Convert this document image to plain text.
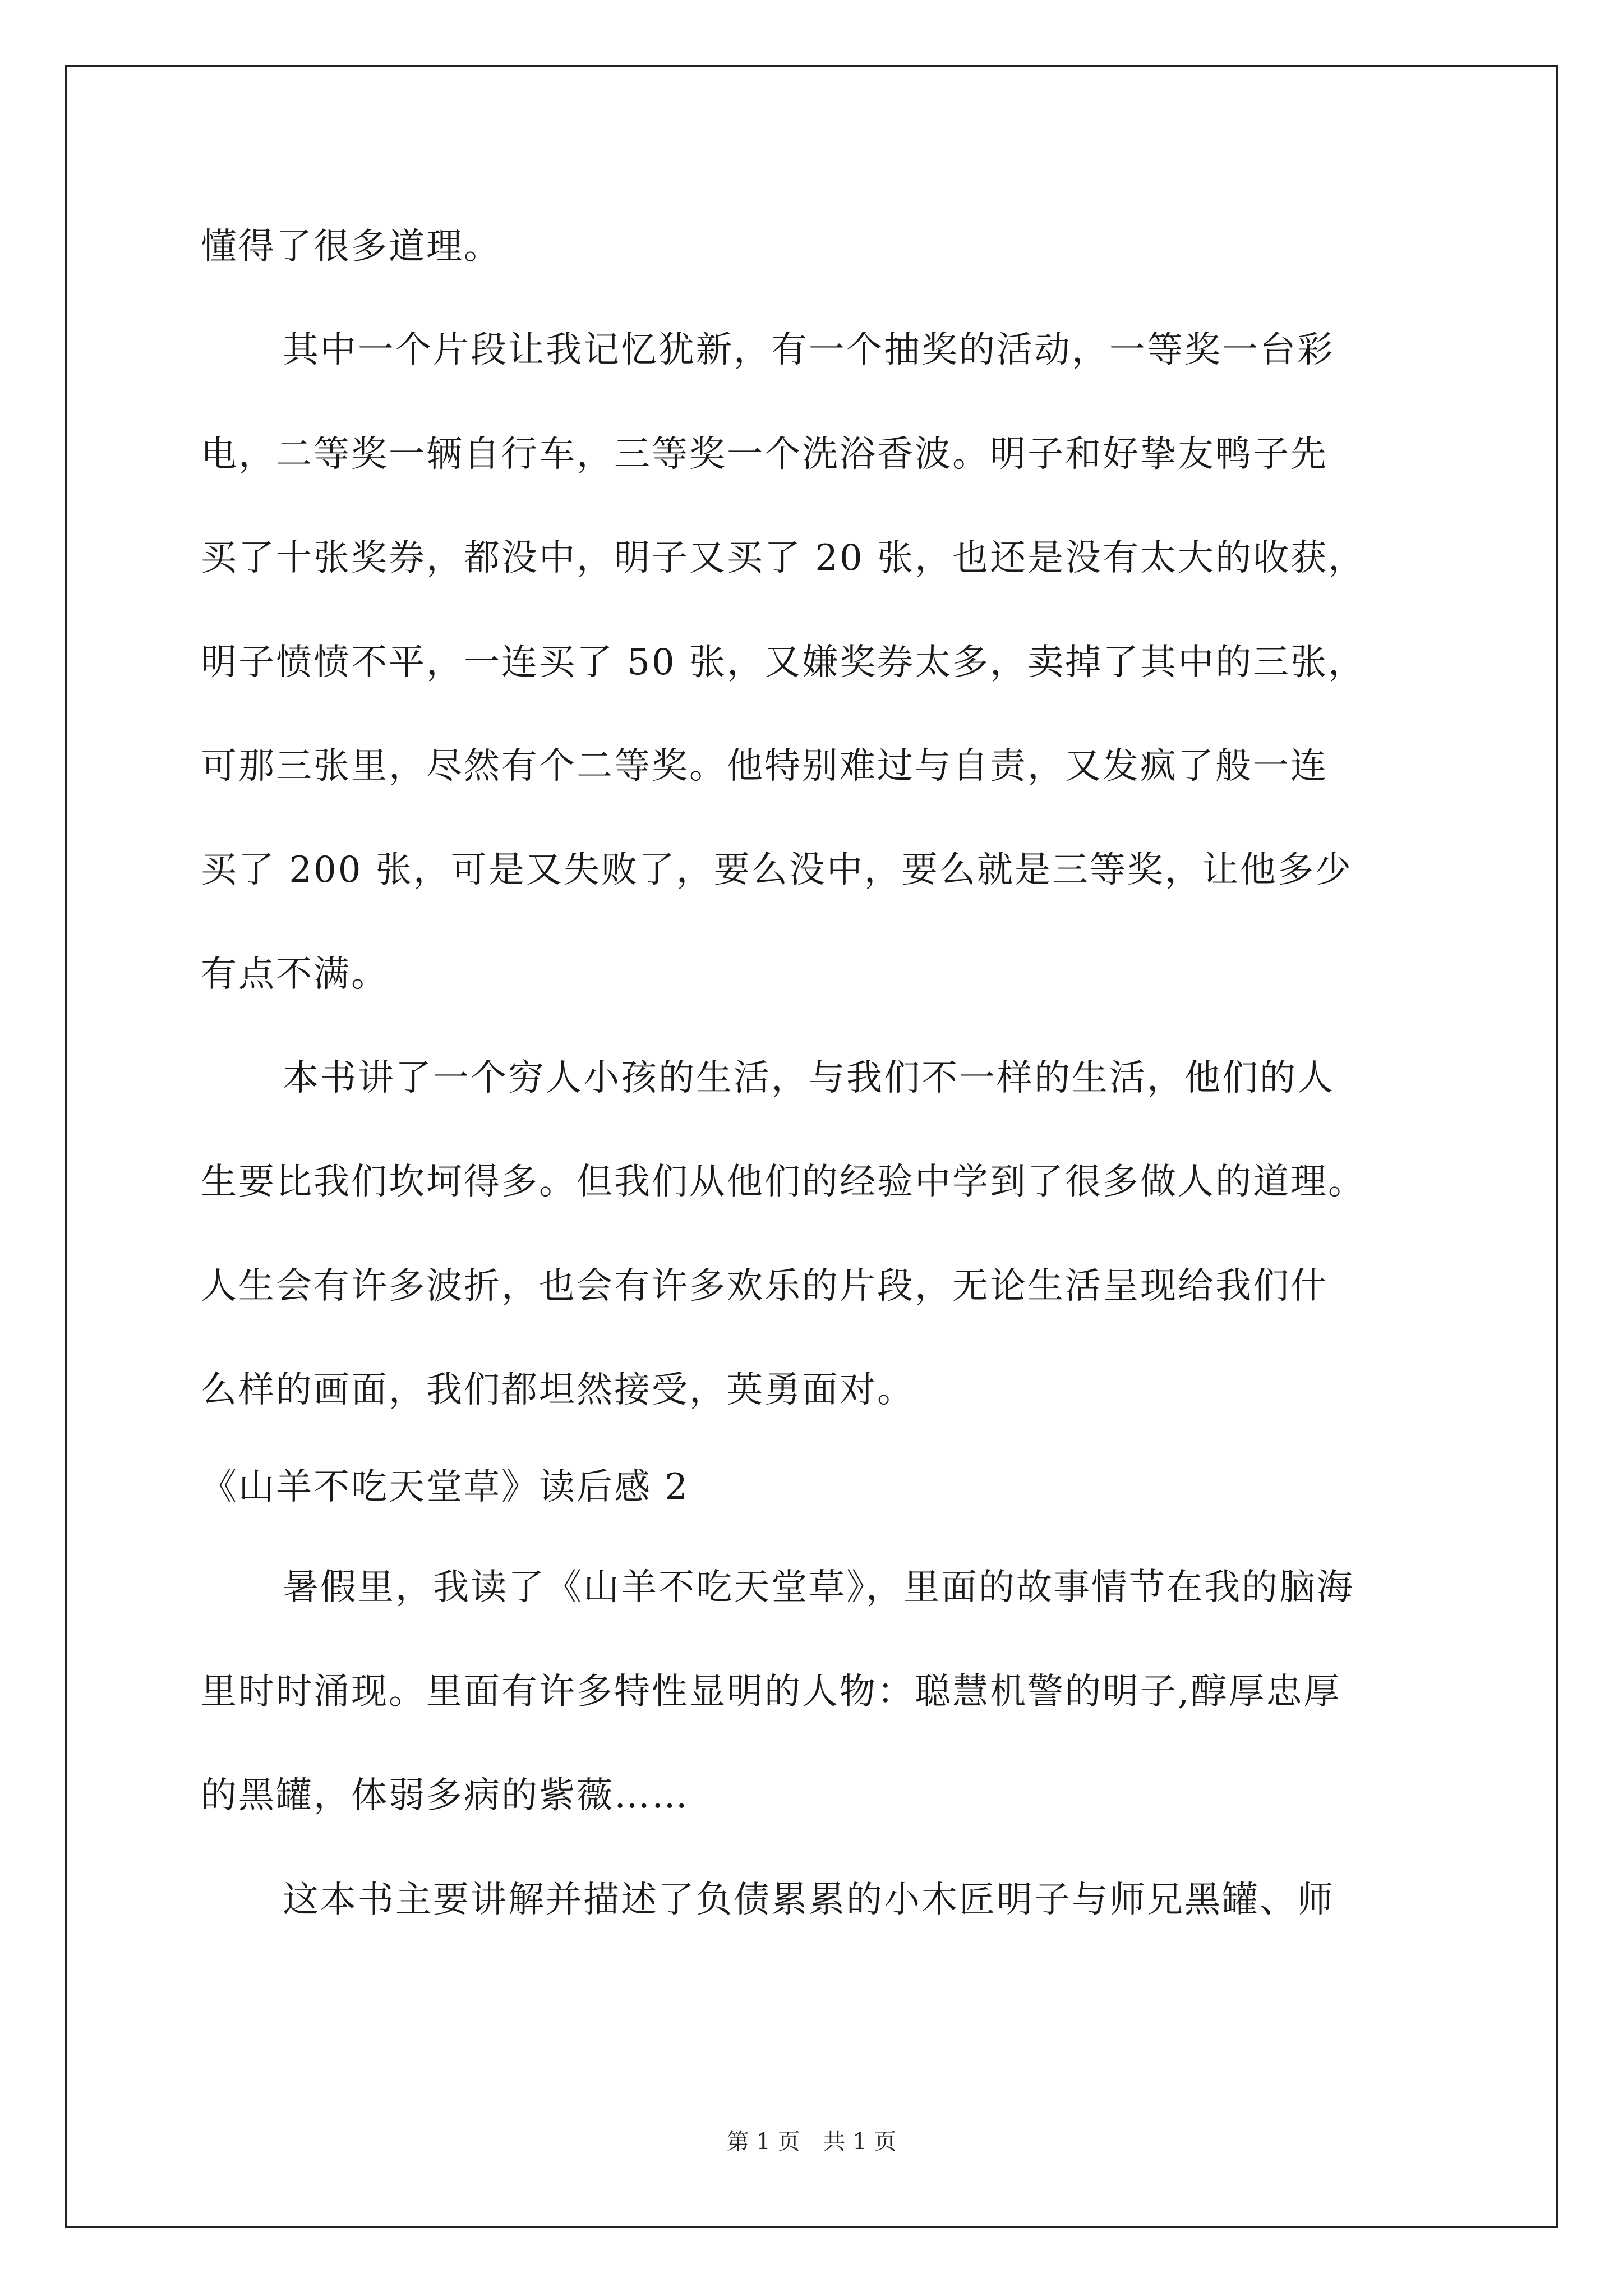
懂得了很多道理。
其中一个片段让我记忆犹新，有一个抽奖的活动，一等奖一台彩
电，二等奖一辆自行车，三等奖一个洗浴香波。明子和好挚友鸭子先
买了十张奖券，都没中，明子又买了 20 张，也还是没有太大的收获，
明子愤愤不平，一连买了 50 张，又嫌奖券太多，卖掉了其中的三张，
可那三张里，尽然有个二等奖。他特别难过与自责，又发疯了般一连
买了 200 张，可是又失败了，要么没中，要么就是三等奖，让他多少
有点不满。
本书讲了一个穷人小孩的生活，与我们不一样的生活，他们的人
生要比我们坎坷得多。但我们从他们的经验中学到了很多做人的道理。
人生会有许多波折，也会有许多欢乐的片段，无论生活呈现给我们什
么样的画面，我们都坦然接受，英勇面对。
《山羊不吃天堂草》读后感 2
暑假里，我读了《山羊不吃天堂草》，里面的故事情节在我的脑海
里时时涌现。里面有许多特性显明的人物：聪慧机警的明子,醇厚忠厚
的黑罐，体弱多病的紫薇……
这本书主要讲解并描述了负债累累的小木匠明子与师兄黑罐、师
第 1 页 共 1 页
